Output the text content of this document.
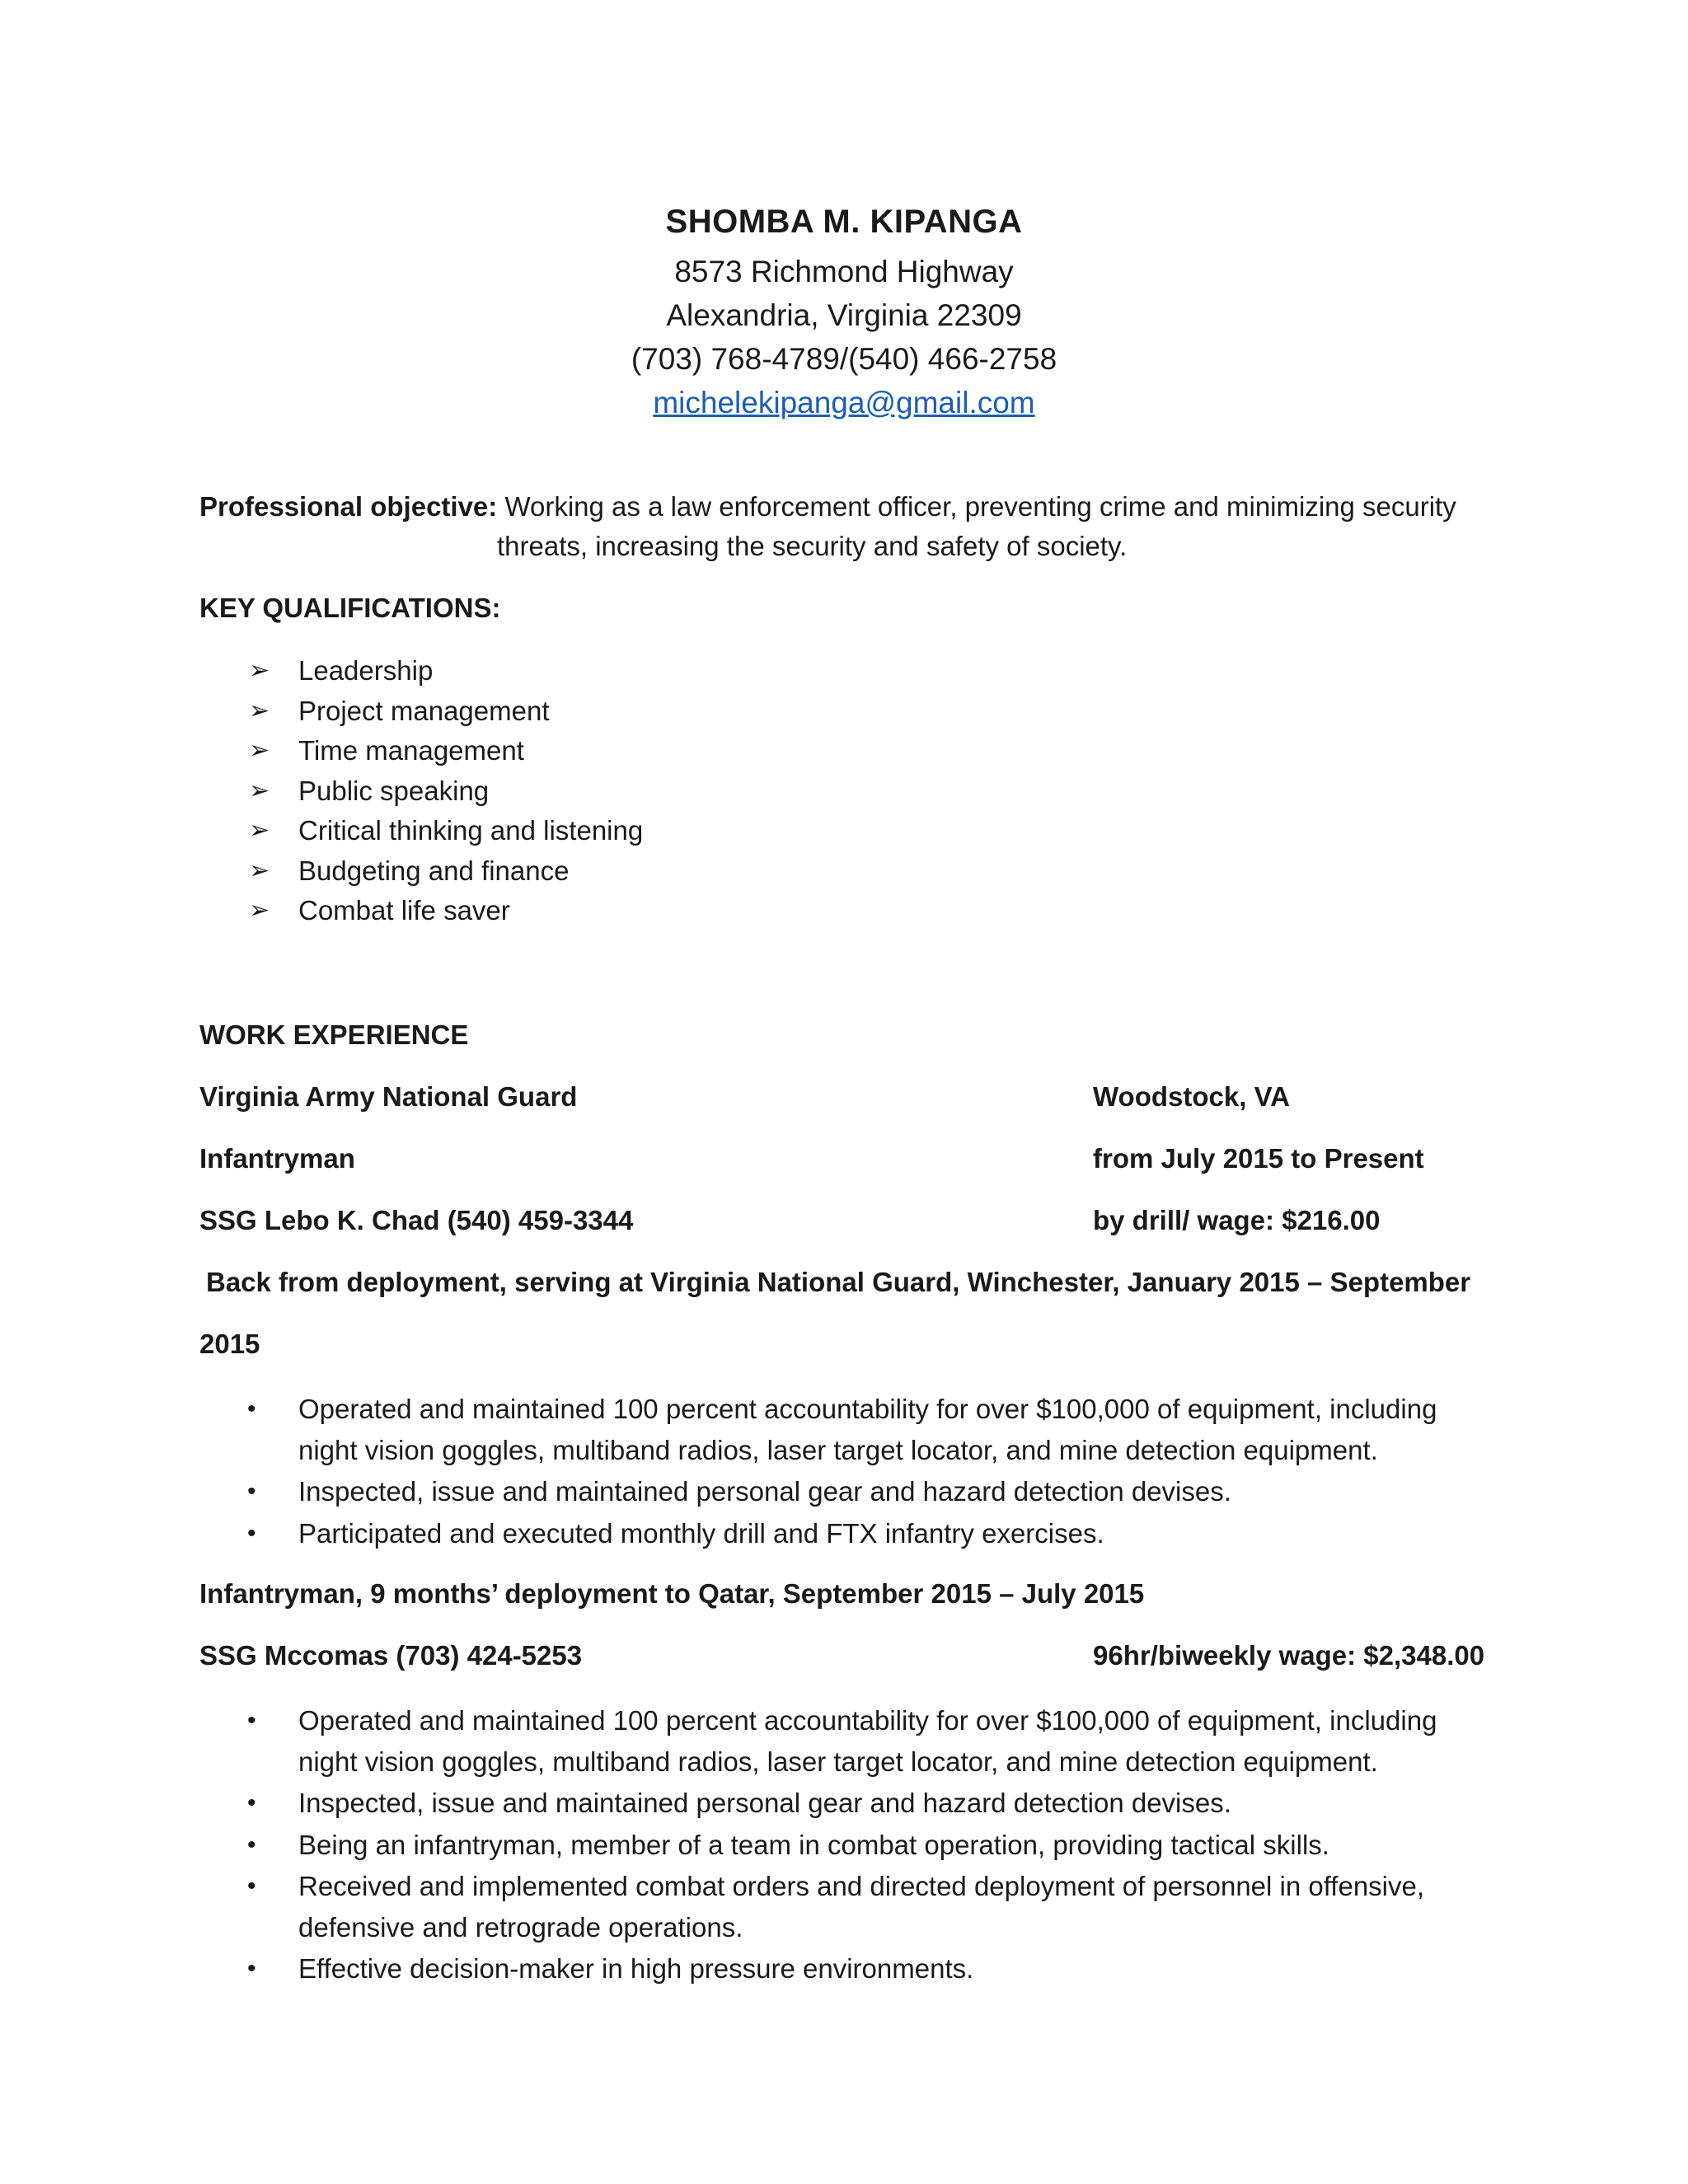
SHOMBA M. KIPANGA
8573 Richmond Highway
Alexandria, Virginia 22309
(703) 768-4789/(540) 466-2758
michelekipanga@gmail.com
Professional objective: Working as a law enforcement officer, preventing crime and minimizing security
threats, increasing the security and safety of society.
KEY QUALIFICATIONS:
➢ Leadership
➢ Project management
➢ Time management
➢ Public speaking
➢ Critical thinking and listening
➢ Budgeting and finance
➢ Combat life saver
WORK EXPERIENCE
Virginia Army National Guard	Woodstock, VA
Infantryman	from July 2015 to Present
SSG Lebo K. Chad (540) 459-3344	by drill/ wage: $216.00
Back from deployment, serving at Virginia National Guard, Winchester, January 2015 – September
2015
• Operated and maintained 100 percent accountability for over $100,000 of equipment, including
night vision goggles, multiband radios, laser target locator, and mine detection equipment.
• Inspected, issue and maintained personal gear and hazard detection devises.
• Participated and executed monthly drill and FTX infantry exercises.
Infantryman, 9 months’ deployment to Qatar, September 2015 – July 2015
SSG Mccomas (703) 424-5253	96hr/biweekly wage: $2,348.00
• Operated and maintained 100 percent accountability for over $100,000 of equipment, including
night vision goggles, multiband radios, laser target locator, and mine detection equipment.
• Inspected, issue and maintained personal gear and hazard detection devises.
• Being an infantryman, member of a team in combat operation, providing tactical skills.
• Received and implemented combat orders and directed deployment of personnel in offensive,
defensive and retrograde operations.
• Effective decision-maker in high pressure environments.
